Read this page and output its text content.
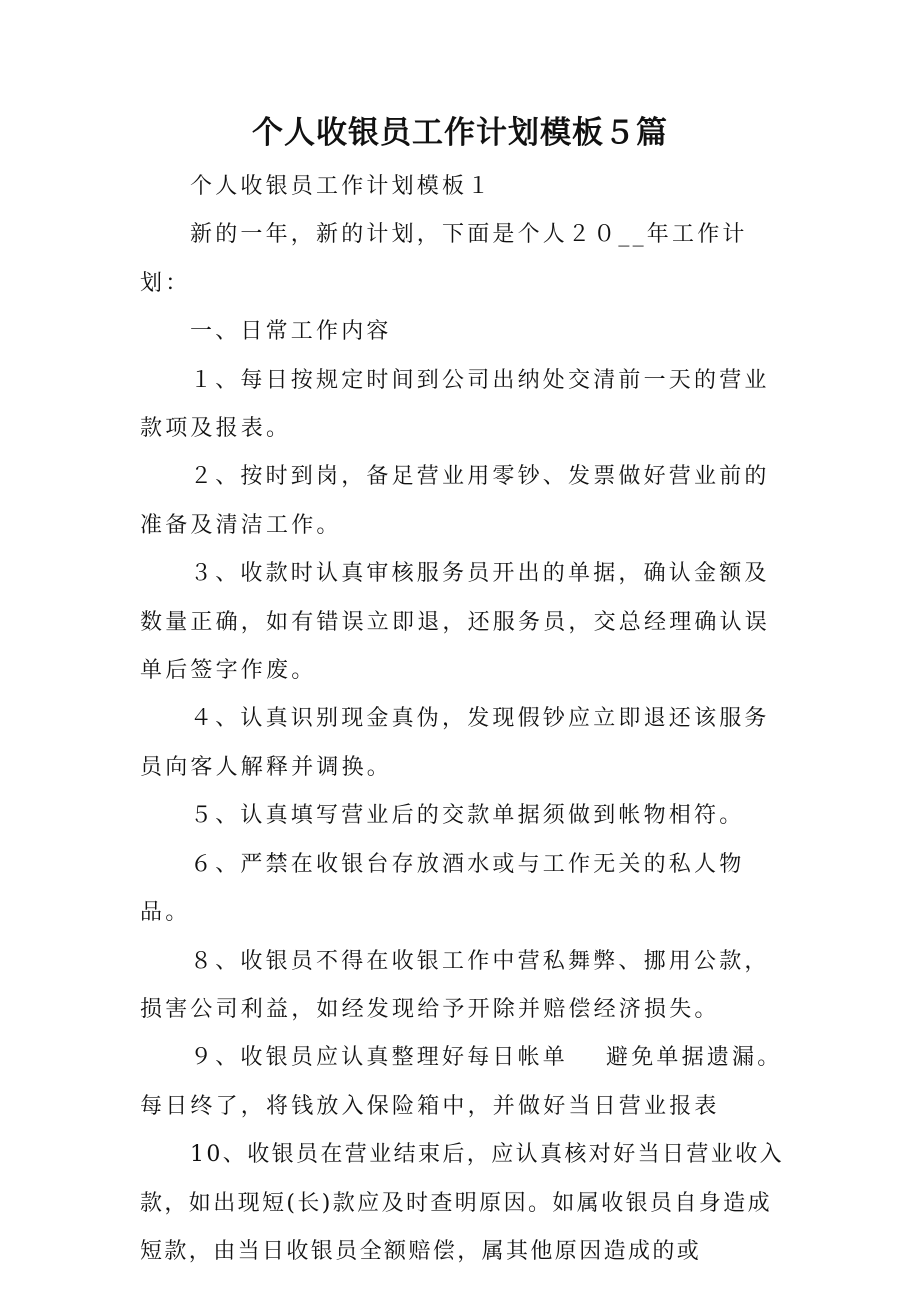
个人收银员工作计划模板５篇

个人收银员工作计划模板１

新的一年，新的计划，下面是个人２０__年工作计划：

一、日常工作内容

１、每日按规定时间到公司出纳处交清前一天的营业款项及报表。

２、按时到岗，备足营业用零钞、发票做好营业前的准备及清洁工作。

３、收款时认真审核服务员开出的单据，确认金额及数量正确，如有错误立即退，还服务员，交总经理确认误单后签字作废。

４、认真识别现金真伪，发现假钞应立即退还该服务员向客人解释并调换。

５、认真填写营业后的交款单据须做到帐物相符。

６、严禁在收银台存放酒水或与工作无关的私人物品。

８、收银员不得在收银工作中营私舞弊、挪用公款，损害公司利益，如经发现给予开除并赔偿经济损失。

９、收银员应认真整理好每日帐单 避免单据遗漏。每日终了，将钱放入保险箱中，并做好当日营业报表

10、收银员在营业结束后，应认真核对好当日营业收入款，如出现短(长)款应及时查明原因。如属收银员自身造成短款，由当日收银员全额赔偿，属其他原因造成的或
